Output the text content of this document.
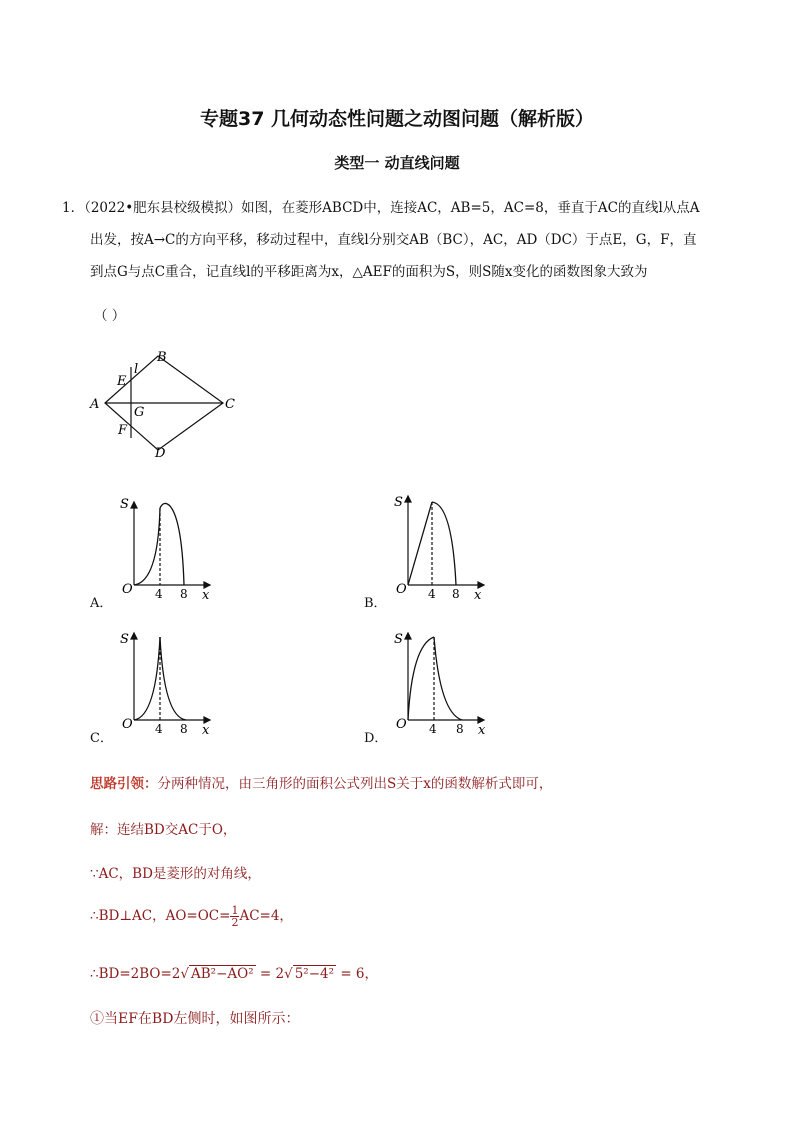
专题37 几何动态性问题之动图问题（解析版）
类型一 动直线问题
1．（2022•肥东县校级模拟）如图，在菱形ABCD中，连接AC，AB=5，AC=8，垂直于AC的直线l从点A
出发，按A→C的方向平移，移动过程中，直线l分别交AB（BC），AC，AD（DC）于点E，G，F，直
到点G与点C重合，记直线l的平移距离为x，△AEF的面积为S，则S随x变化的函数图象大致为
（ ）
A
B
C
D
E
F
G
l
S
O 4 8 x
A．
S
O 4 8 x
B．
S
O 4 8 x
C．
S
O 4 8 x
D．
思路引领：分两种情况，由三角形的面积公式列出S关于x的函数解析式即可，
解：连结BD交AC于O，
∵AC，BD是菱形的对角线，
∴BD⊥AC，$AO=OC= \frac{1}{2} AC=4$，
∴BD=2BO=2√ AB²−AO² = 2√ 5²−4² = 6，
①当EF在BD左侧时，如图所示：
